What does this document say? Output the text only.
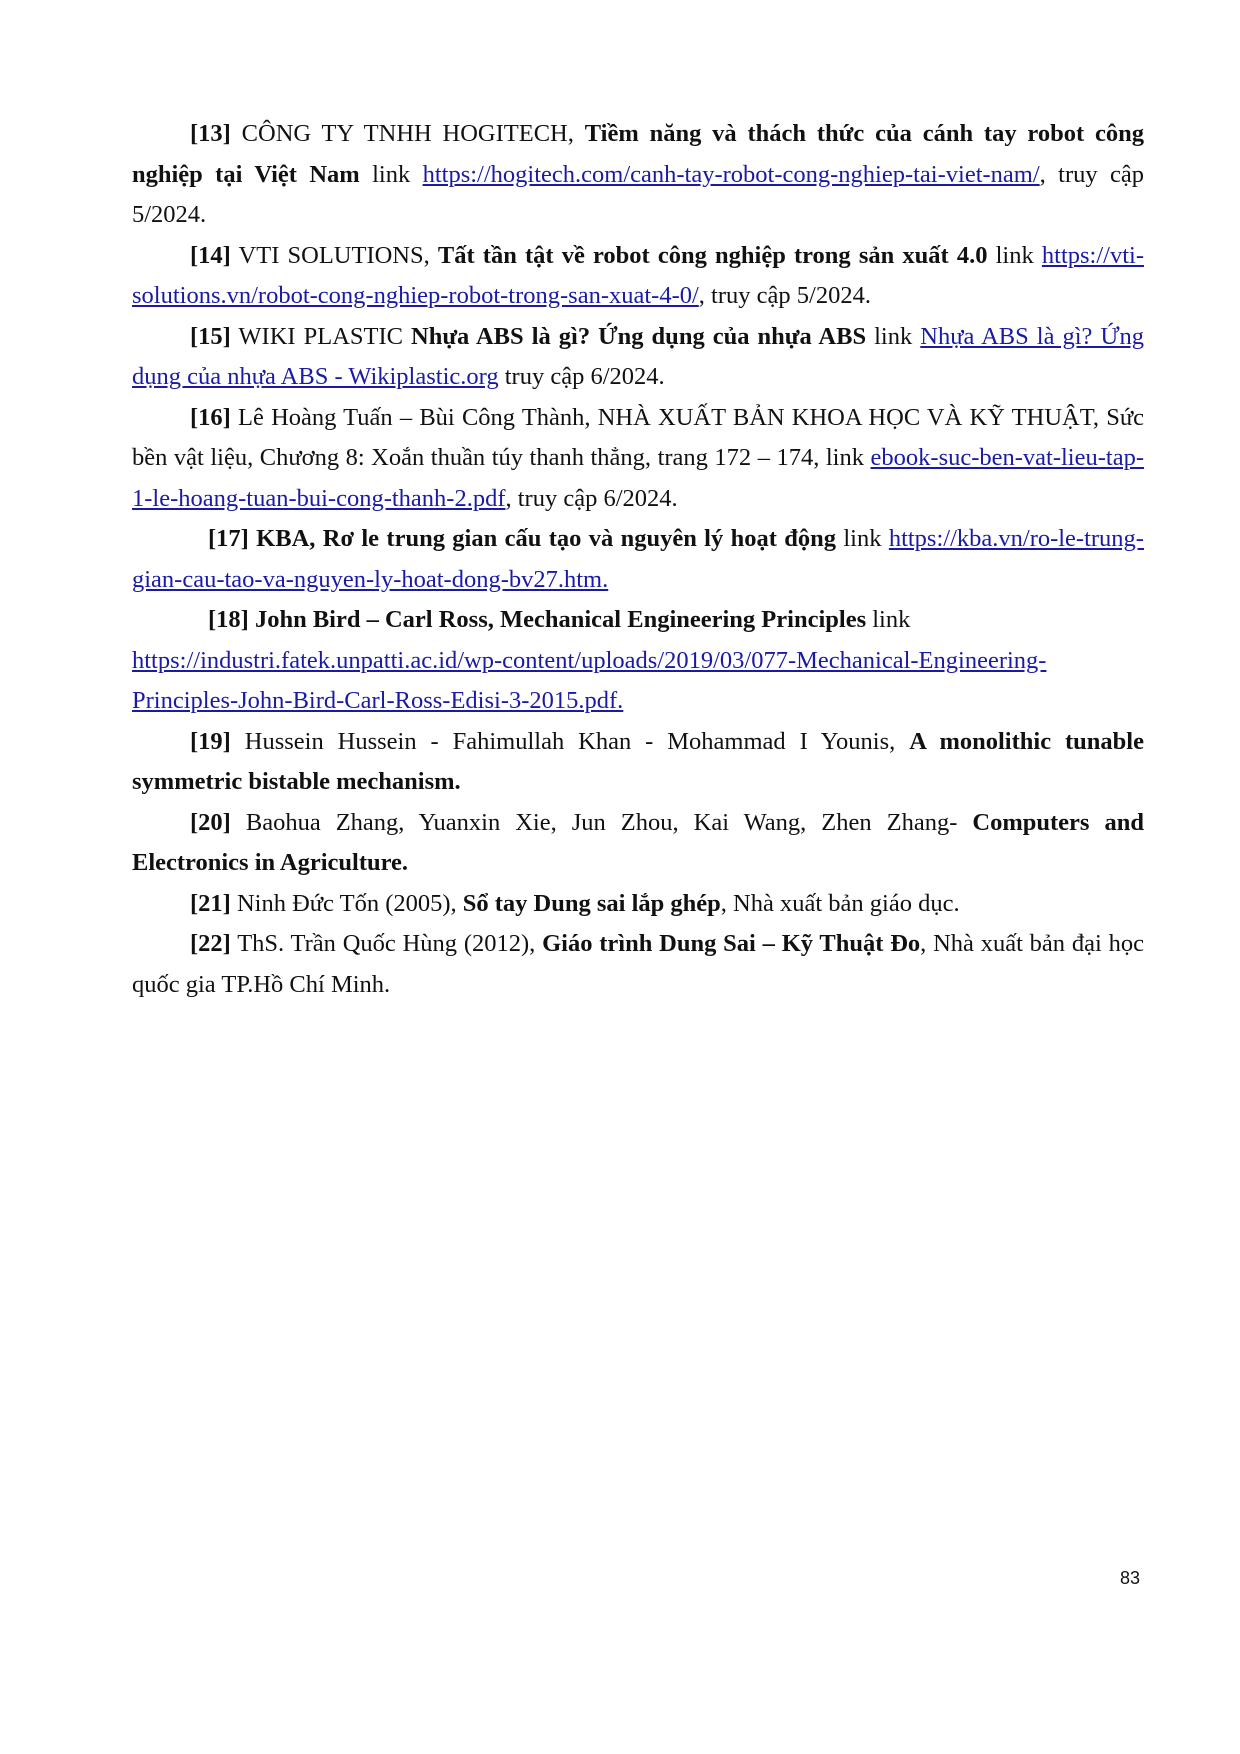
[13] CÔNG TY TNHH HOGITECH, Tiềm năng và thách thức của cánh tay robot công nghiệp tại Việt Nam link https://hogitech.com/canh-tay-robot-cong-nghiep-tai-viet-nam/, truy cập 5/2024.

[14] VTI SOLUTIONS, Tất tần tật về robot công nghiệp trong sản xuất 4.0 link https://vti-solutions.vn/robot-cong-nghiep-robot-trong-san-xuat-4-0/, truy cập 5/2024.

[15] WIKI PLASTIC Nhựa ABS là gì? Ứng dụng của nhựa ABS link Nhựa ABS là gì? Ứng dụng của nhựa ABS - Wikiplastic.org truy cập 6/2024.

[16] Lê Hoàng Tuấn – Bùi Công Thành, NHÀ XUẤT BẢN KHOA HỌC VÀ KỸ THUẬT, Sức bền vật liệu, Chương 8: Xoắn thuần túy thanh thẳng, trang 172 – 174, link ebook-suc-ben-vat-lieu-tap-1-le-hoang-tuan-bui-cong-thanh-2.pdf, truy cập 6/2024.

[17] KBA, Rơ le trung gian cấu tạo và nguyên lý hoạt động link https://kba.vn/ro-le-trung-gian-cau-tao-va-nguyen-ly-hoat-dong-bv27.htm.

[18] John Bird – Carl Ross, Mechanical Engineering Principles link
https://industri.fatek.unpatti.ac.id/wp-content/uploads/2019/03/077-Mechanical-Engineering-Principles-John-Bird-Carl-Ross-Edisi-3-2015.pdf.

[19] Hussein Hussein - Fahimullah Khan - Mohammad I Younis, A monolithic tunable symmetric bistable mechanism.

[20] Baohua Zhang, Yuanxin Xie, Jun Zhou, Kai Wang, Zhen Zhang- Computers and Electronics in Agriculture.

[21] Ninh Đức Tốn (2005), Sổ tay Dung sai lắp ghép, Nhà xuất bản giáo dục.

[22] ThS. Trần Quốc Hùng (2012), Giáo trình Dung Sai – Kỹ Thuật Đo, Nhà xuất bản đại học quốc gia TP.Hồ Chí Minh.

83
